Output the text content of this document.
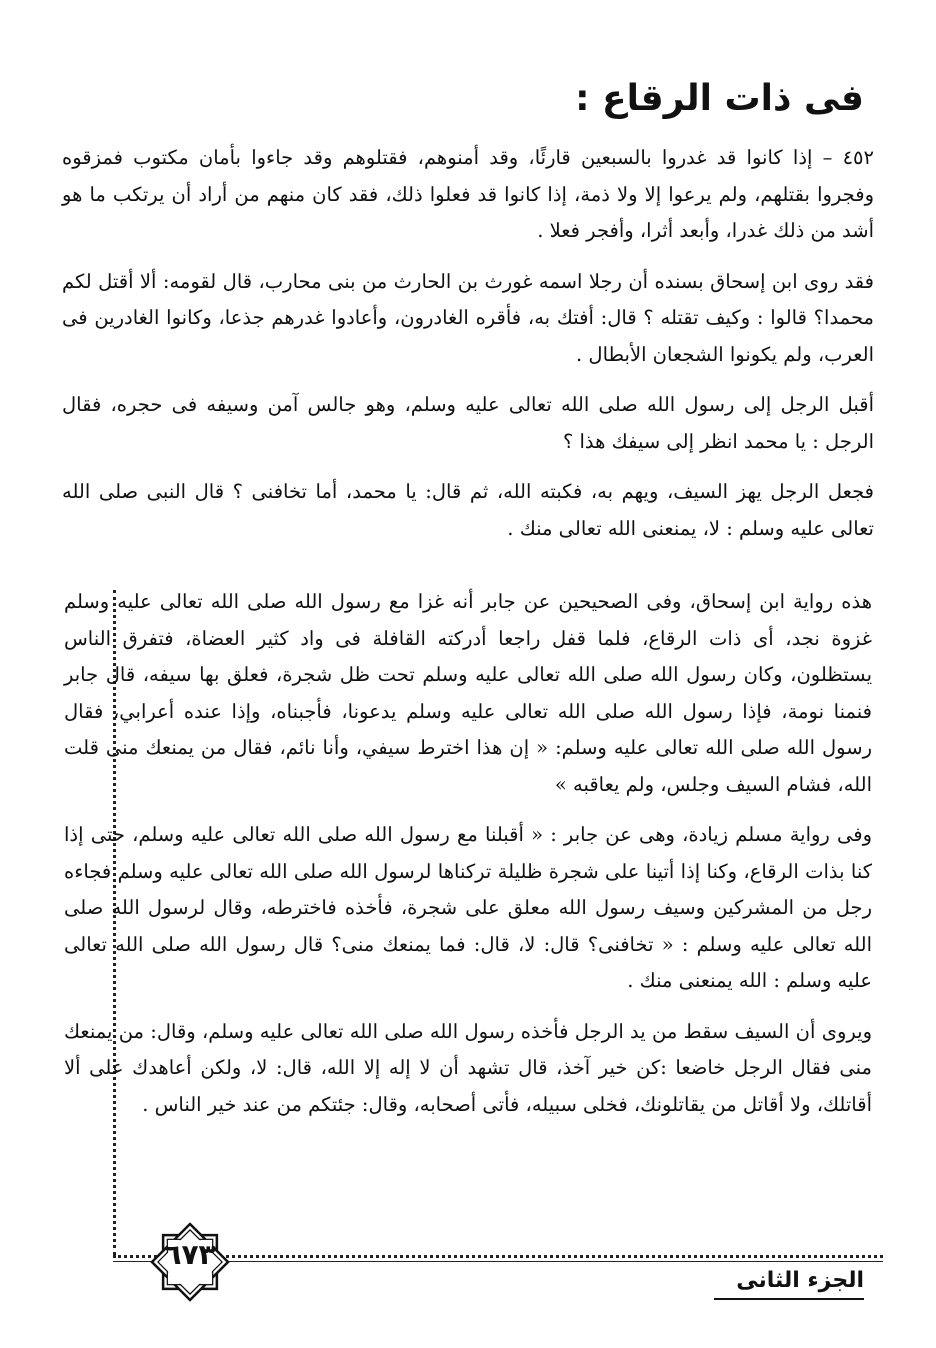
فى ذات الرقاع :

٤٥٢ – إذا كانوا قد غدروا بالسبعين قارئًا، وقد أمنوهم، فقتلوهم وقد جاءوا بأمان مكتوب فمزقوه وفجروا بقتلهم، ولم يرعوا إلا ولا ذمة، إذا كانوا قد فعلوا ذلك، فقد كان منهم من أراد أن يرتكب ما هو أشد من ذلك غدرا، وأبعد أثرا، وأفجر فعلا .

فقد روى ابن إسحاق بسنده أن رجلا اسمه غورث بن الحارث من بنى محارب، قال لقومه: ألا أقتل لكم محمدا؟ قالوا : وكيف تقتله ؟ قال: أفتك به، فأقره الغادرون، وأعادوا غدرهم جذعا، وكانوا الغادرين فى العرب، ولم يكونوا الشجعان الأبطال .

أقبل الرجل إلى رسول الله صلى الله تعالى عليه وسلم، وهو جالس آمن وسيفه فى حجره، فقال الرجل : يا محمد انظر إلى سيفك هذا ؟

فجعل الرجل يهز السيف، ويهم به، فكبته الله، ثم قال: يا محمد، أما تخافنى ؟ قال النبى صلى الله تعالى عليه وسلم : لا، يمنعنى الله تعالى منك .

هذه رواية ابن إسحاق، وفى الصحيحين عن جابر أنه غزا مع رسول الله صلى الله تعالى عليه وسلم غزوة نجد، أى ذات الرقاع، فلما قفل راجعا أدركته القافلة فى واد كثير العضاة، فتفرق الناس يستظلون، وكان رسول الله صلى الله تعالى عليه وسلم تحت ظل شجرة، فعلق بها سيفه، قال جابر فنمنا نومة، فإذا رسول الله صلى الله تعالى عليه وسلم يدعونا، فأجبناه، وإذا عنده أعرابي، فقال رسول الله صلى الله تعالى عليه وسلم: « إن هذا اخترط سيفي، وأنا نائم، فقال من يمنعك منى قلت الله، فشام السيف وجلس، ولم يعاقبه »

وفى رواية مسلم زيادة، وهى عن جابر : « أقبلنا مع رسول الله صلى الله تعالى عليه وسلم، حتى إذا كنا بذات الرقاع، وكنا إذا أتينا على شجرة ظليلة تركناها لرسول الله صلى الله تعالى عليه وسلم فجاءه رجل من المشركين وسيف رسول الله معلق على شجرة، فأخذه فاخترطه، وقال لرسول الله صلى الله تعالى عليه وسلم : « تخافنى؟ قال: لا، قال: فما يمنعك منى؟ قال رسول الله صلى الله تعالى عليه وسلم : الله يمنعنى منك .

ويروى أن السيف سقط من يد الرجل فأخذه رسول الله صلى الله تعالى عليه وسلم، وقال: من يمنعك منى فقال الرجل خاضعا :كن خير آخذ، قال تشهد أن لا إله إلا الله، قال: لا، ولكن أعاهدك على ألا أقاتلك، ولا أقاتل من يقاتلونك، فخلى سبيله، فأتى أصحابه، وقال: جئتكم من عند خير الناس .

٦٧٣
الجزء الثانى
